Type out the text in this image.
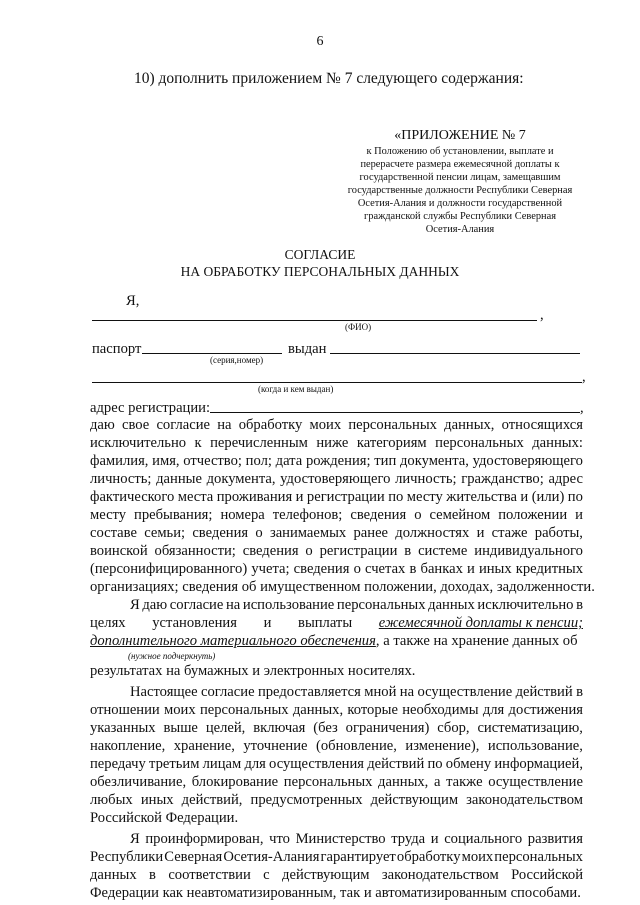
6
10) дополнить приложением № 7 следующего содержания:
«ПРИЛОЖЕНИЕ № 7
к Положению об установлении, выплате и
перерасчете размера ежемесячной доплаты к
государственной пенсии лицам, замещавшим
государственные должности Республики Северная
Осетия-Алания и должности государственной
гражданской службы Республики Северная
Осетия-Алания
СОГЛАСИЕ
НА ОБРАБОТКУ ПЕРСОНАЛЬНЫХ ДАННЫХ
Я,
,
(ФИО)
паспорт
(серия,номер)
выдан
,
(когда и кем выдан)
адрес регистрации:	,
даю свое согласие на обработку моих персональных данных, относящихся
исключительно к перечисленным ниже категориям персональных данных:
фамилия, имя, отчество; пол; дата рождения; тип документа, удостоверяющего
личность; данные документа, удостоверяющего личность; гражданство; адрес
фактического места проживания и регистрации по месту жительства и (или) по
месту пребывания; номера телефонов; сведения о семейном положении и
составе семьи; сведения о занимаемых ранее должностях и стаже работы,
воинской обязанности; сведения о регистрации в системе индивидуального
(персонифицированного) учета; сведения о счетах в банках и иных кредитных
организациях; сведения об имущественном положении, доходах, задолженности.
Я даю согласие на использование персональных данных исключительно в
целях установления и выплаты ежемесячной доплаты к пенсии;
дополнительного материального обеспечения, а также на хранение данных об
(нужное подчеркнуть)
результатах на бумажных и электронных носителях.
Настоящее согласие предоставляется мной на осуществление действий в
отношении моих персональных данных, которые необходимы для достижения
указанных выше целей, включая (без ограничения) сбор, систематизацию,
накопление, хранение, уточнение (обновление, изменение), использование,
передачу третьим лицам для осуществления действий по обмену информацией,
обезличивание, блокирование персональных данных, а также осуществление
любых иных действий, предусмотренных действующим законодательством
Российской Федерации.
Я проинформирован, что Министерство труда и социального развития
Республики Северная Осетия-Алания гарантирует обработку моих персональных
данных в соответствии с действующим законодательством Российской
Федерации как неавтоматизированным, так и автоматизированным способами.
